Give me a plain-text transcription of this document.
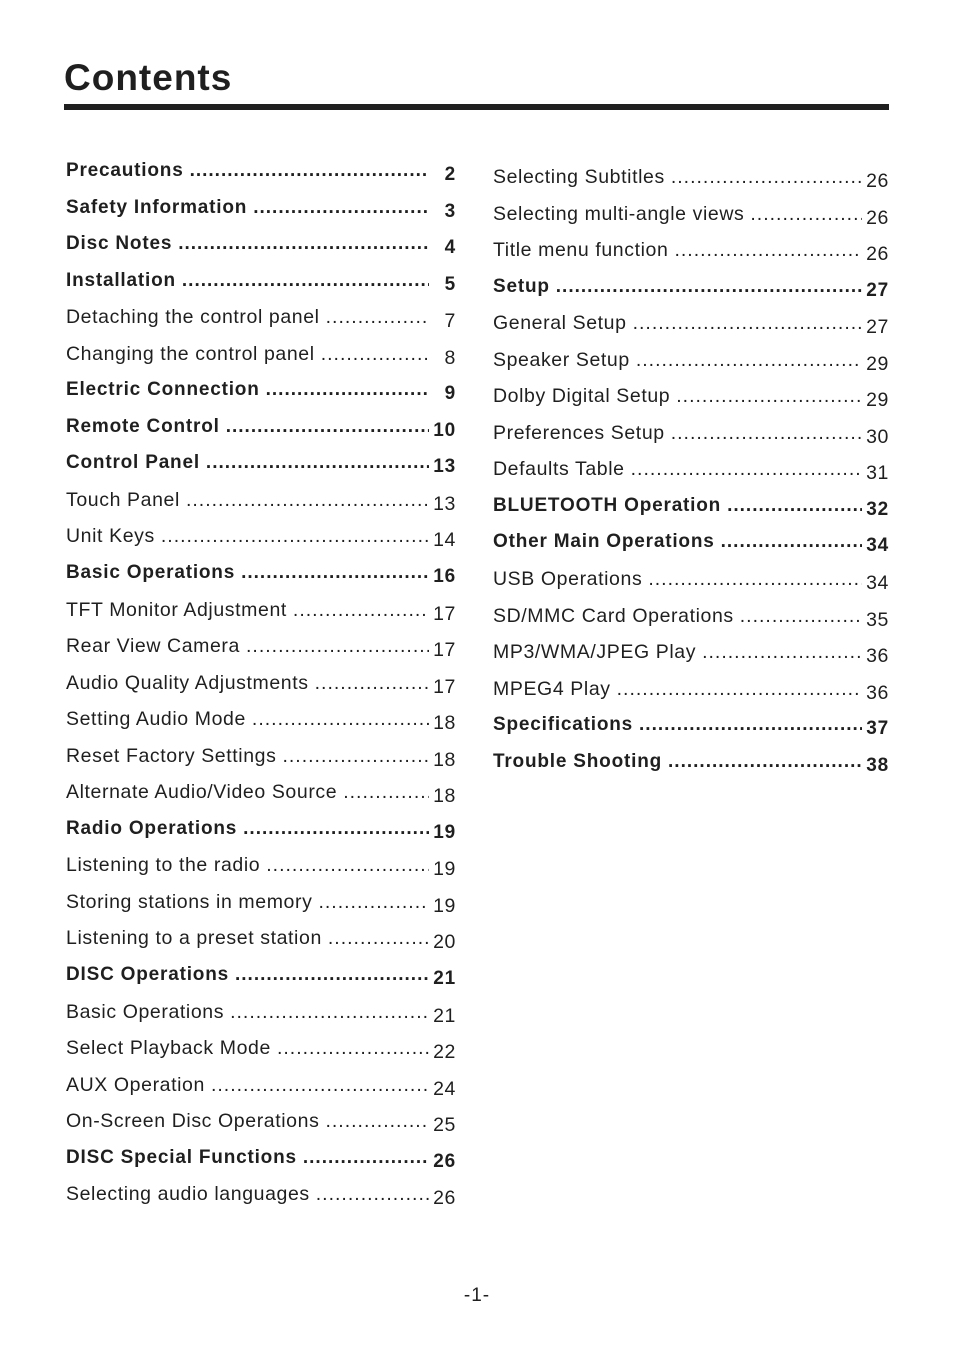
Contents
Precautions .....	2
Safety Information .....	3
Disc Notes .....	4
Installation .....	5
Detaching the control panel .....	7
Changing the control panel .....	8
Electric Connection .....	9
Remote Control .....	10
Control Panel .....	13
Touch Panel .....	13
Unit Keys .....	14
Basic Operations .....	16
TFT Monitor Adjustment .....	17
Rear View Camera .....	17
Audio Quality Adjustments .....	17
Setting Audio Mode .....	18
Reset Factory Settings .....	18
Alternate Audio/Video Source .....	18
Radio Operations .....	19
Listening to the radio .....	19
Storing stations in memory .....	19
Listening to a preset station .....	20
DISC Operations .....	21
Basic Operations .....	21
Select Playback Mode .....	22
AUX Operation .....	24
On-Screen Disc Operations .....	25
DISC Special Functions .....	26
Selecting audio languages .....	26
Selecting Subtitles .....	26
Selecting multi-angle views .....	26
Title menu function .....	26
Setup .....	27
General Setup .....	27
Speaker Setup .....	29
Dolby Digital Setup .....	29
Preferences Setup .....	30
Defaults Table .....	31
BLUETOOTH Operation .....	32
Other Main Operations .....	34
USB Operations .....	34
SD/MMC Card Operations .....	35
MP3/WMA/JPEG Play .....	36
MPEG4 Play .....	36
Specifications .....	37
Trouble Shooting .....	38
-1-
